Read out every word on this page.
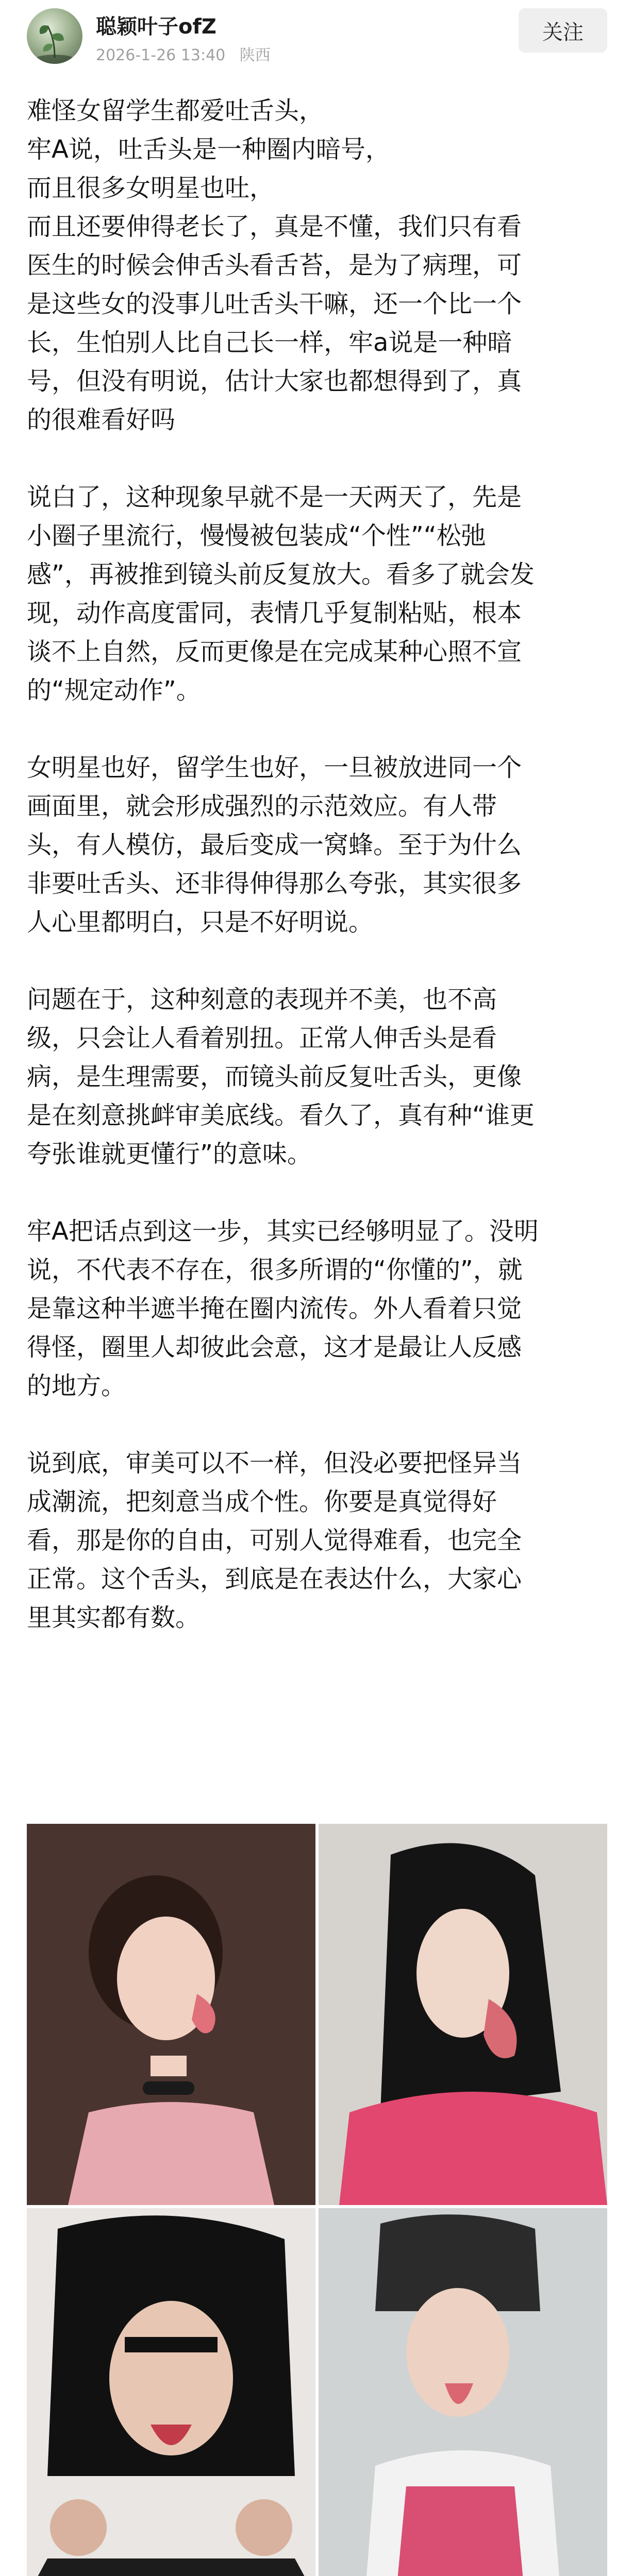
聪颖叶子ofZ
2026-1-26 13:40 陕西
关注

难怪女留学生都爱吐舌头，
牢A说，吐舌头是一种圈内暗号，
而且很多女明星也吐，
而且还要伸得老长了，真是不懂，我们只有看
医生的时候会伸舌头看舌苔，是为了病理，可
是这些女的没事儿吐舌头干嘛，还一个比一个
长，生怕别人比自己长一样，牢a说是一种暗
号，但没有明说，估计大家也都想得到了，真
的很难看好吗

说白了，这种现象早就不是一天两天了，先是
小圈子里流行，慢慢被包装成“个性”“松弛
感”，再被推到镜头前反复放大。看多了就会发
现，动作高度雷同，表情几乎复制粘贴，根本
谈不上自然，反而更像是在完成某种心照不宣
的“规定动作”。

女明星也好，留学生也好，一旦被放进同一个
画面里，就会形成强烈的示范效应。有人带
头，有人模仿，最后变成一窝蜂。至于为什么
非要吐舌头、还非得伸得那么夸张，其实很多
人心里都明白，只是不好明说。

问题在于，这种刻意的表现并不美，也不高
级，只会让人看着别扭。正常人伸舌头是看
病，是生理需要，而镜头前反复吐舌头，更像
是在刻意挑衅审美底线。看久了，真有种“谁更
夸张谁就更懂行”的意味。

牢A把话点到这一步，其实已经够明显了。没明
说，不代表不存在，很多所谓的“你懂的”，就
是靠这种半遮半掩在圈内流传。外人看着只觉
得怪，圈里人却彼此会意，这才是最让人反感
的地方。

说到底，审美可以不一样，但没必要把怪异当
成潮流，把刻意当成个性。你要是真觉得好
看，那是你的自由，可别人觉得难看，也完全
正常。这个舌头，到底是在表达什么，大家心
里其实都有数。
